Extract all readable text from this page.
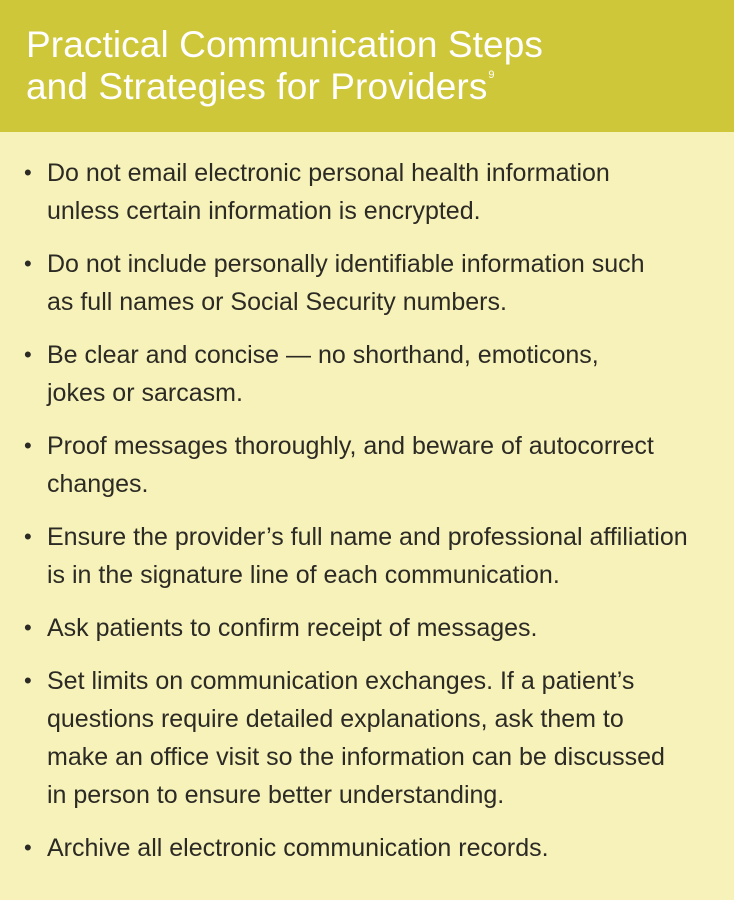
Practical Communication Steps
and Strategies for Providers$^9$
• Do not email electronic personal health information
unless certain information is encrypted.
• Do not include personally identifiable information such
as full names or Social Security numbers.
• Be clear and concise — no shorthand, emoticons,
jokes or sarcasm.
• Proof messages thoroughly, and beware of autocorrect
changes.
• Ensure the provider’s full name and professional affiliation
is in the signature line of each communication.
• Ask patients to confirm receipt of messages.
• Set limits on communication exchanges. If a patient’s
questions require detailed explanations, ask them to
make an office visit so the information can be discussed
in person to ensure better understanding.
• Archive all electronic communication records.
